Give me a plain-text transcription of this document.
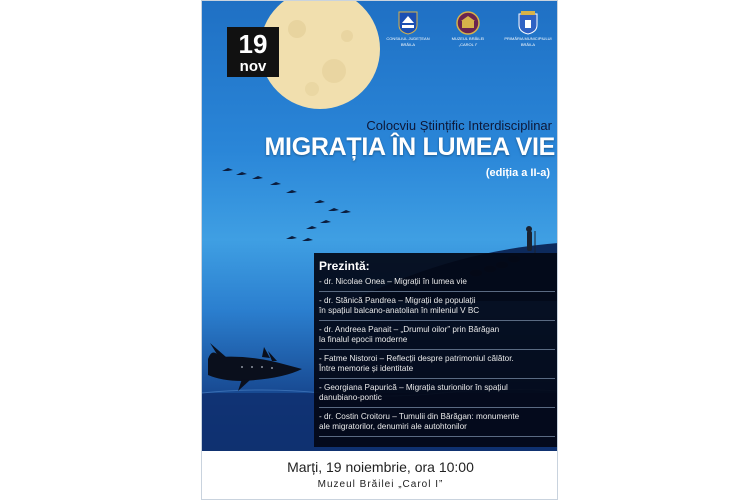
19
nov
CONSILIUL JUDEȚEAN
BRĂILA
MUZEUL BRĂILEI
„CAROL I”
PRIMĂRIA MUNICIPIULUI
BRĂILA
Colocviu Științific Interdisciplinar
MIGRAȚIA ÎN LUMEA VIE
(ediția a II-a)
Prezintă:
- dr. Nicolae Onea – Migrații în lumea vie
- dr. Stănică Pandrea – Migrații de populații
în spațiul balcano-anatolian în mileniul V BC
- dr. Andreea Panait – „Drumul oilor” prin Bărăgan
la finalul epocii moderne
- Fatme Nistoroi – Reflecții despre patrimoniul călător.
Între memorie și identitate
- Georgiana Papurică – Migrația sturionilor în spațiul
danubiano-pontic
- dr. Costin Croitoru – Tumulii din Bărăgan: monumente
ale migratorilor, denumiri ale autohtonilor
Marți, 19 noiembrie, ora 10:00
Muzeul Brăilei „Carol I”
